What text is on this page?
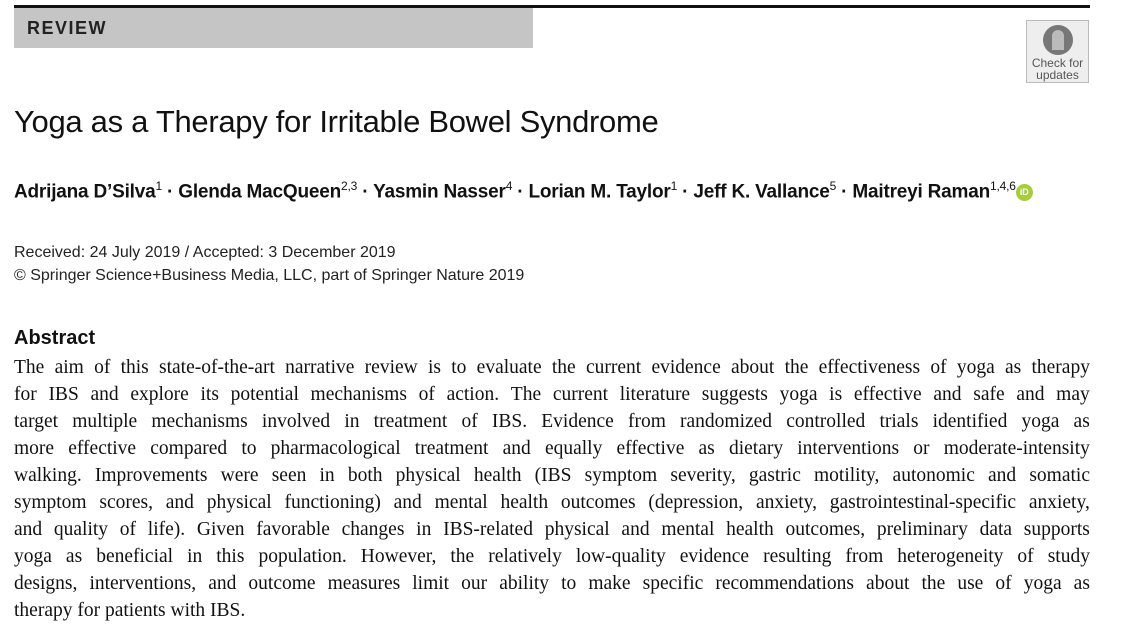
REVIEW
Check for
updates
Yoga as a Therapy for Irritable Bowel Syndrome
Adrijana D’Silva$^1$ · Glenda MacQueen$^{2,3}$ · Yasmin Nasser$^4$ · Lorian M. Taylor$^1$ · Jeff K. Vallance$^5$ · Maitreyi Raman$^{1,4,6}$ iD
Received: 24 July 2019 / Accepted: 3 December 2019
© Springer Science+Business Media, LLC, part of Springer Nature 2019
Abstract
The aim of this state-of-the-art narrative review is to evaluate the current evidence about the effectiveness of yoga as therapy
for IBS and explore its potential mechanisms of action. The current literature suggests yoga is effective and safe and may
target multiple mechanisms involved in treatment of IBS. Evidence from randomized controlled trials identified yoga as
more effective compared to pharmacological treatment and equally effective as dietary interventions or moderate-intensity
walking. Improvements were seen in both physical health (IBS symptom severity, gastric motility, autonomic and somatic
symptom scores, and physical functioning) and mental health outcomes (depression, anxiety, gastrointestinal-specific anxiety,
and quality of life). Given favorable changes in IBS-related physical and mental health outcomes, preliminary data supports
yoga as beneficial in this population. However, the relatively low-quality evidence resulting from heterogeneity of study
designs, interventions, and outcome measures limit our ability to make specific recommendations about the use of yoga as
therapy for patients with IBS.
